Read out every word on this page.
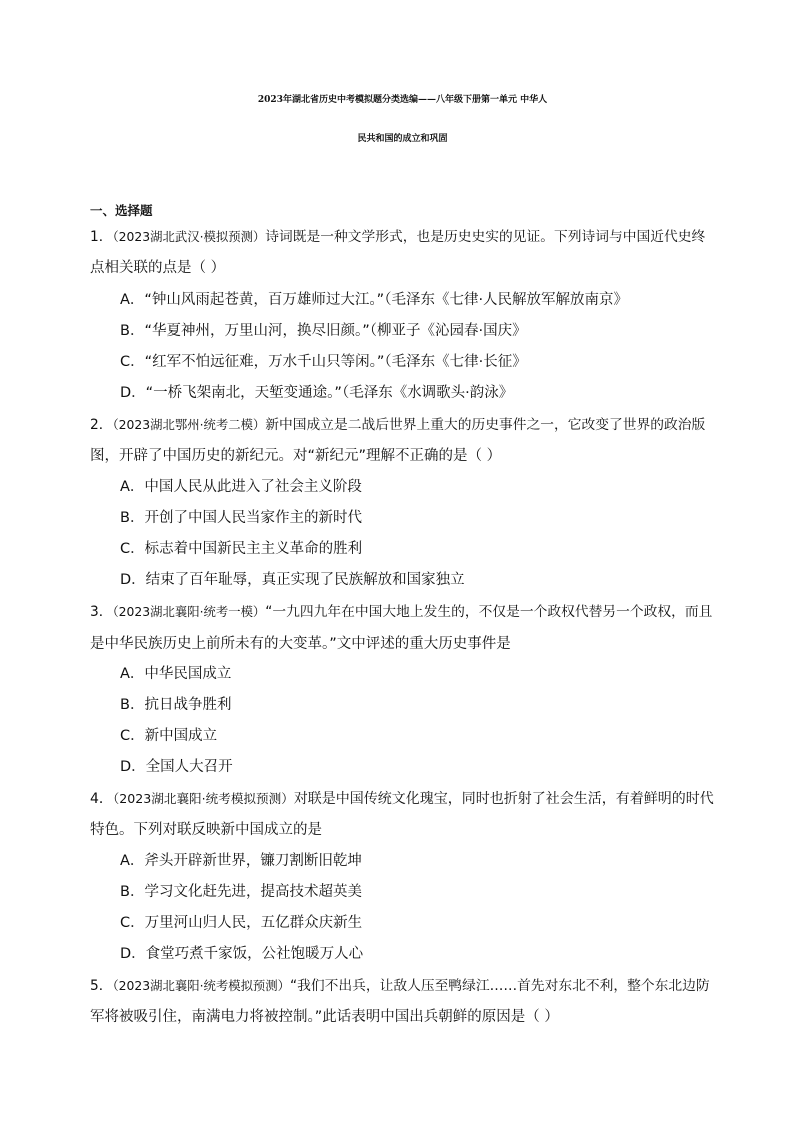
2023年湖北省历史中考模拟题分类选编——八年级下册第一单元 中华人
民共和国的成立和巩固
一、选择题
1．（2023湖北武汉·模拟预测）诗词既是一种文学形式，也是历史史实的见证。下列诗词与中国近代史终
点相关联的点是（ ）
A．“钟山风雨起苍黄，百万雄师过大江。”（毛泽东《七律·人民解放军解放南京》
B．“华夏神州，万里山河，换尽旧颜。”（柳亚子《沁园春·国庆》
C．“红军不怕远征难，万水千山只等闲。”（毛泽东《七律·长征》
D．“一桥飞架南北，天堑变通途。”（毛泽东《水调歌头·韵泳》
2．（2023湖北鄂州·统考二模）新中国成立是二战后世界上重大的历史事件之一，它改变了世界的政治版
图，开辟了中国历史的新纪元。对“新纪元”理解不正确的是（ ）
A．中国人民从此进入了社会主义阶段
B．开创了中国人民当家作主的新时代
C．标志着中国新民主主义革命的胜利
D．结束了百年耻辱，真正实现了民族解放和国家独立
3．（2023湖北襄阳·统考一模）“一九四九年在中国大地上发生的，不仅是一个政权代替另一个政权，而且
是中华民族历史上前所未有的大变革。”文中评述的重大历史事件是
A．中华民国成立
B．抗日战争胜利
C．新中国成立
D．全国人大召开
4．（2023湖北襄阳·统考模拟预测）对联是中国传统文化瑰宝，同时也折射了社会生活，有着鲜明的时代
特色。下列对联反映新中国成立的是
A．斧头开辟新世界，镰刀割断旧乾坤
B．学习文化赶先进，提高技术超英美
C．万里河山归人民，五亿群众庆新生
D．食堂巧煮千家饭，公社饱暖万人心
5．（2023湖北襄阳·统考模拟预测）“我们不出兵，让敌人压至鸭绿江……首先对东北不利，整个东北边防
军将被吸引住，南满电力将被控制。”此话表明中国出兵朝鲜的原因是（ ）
